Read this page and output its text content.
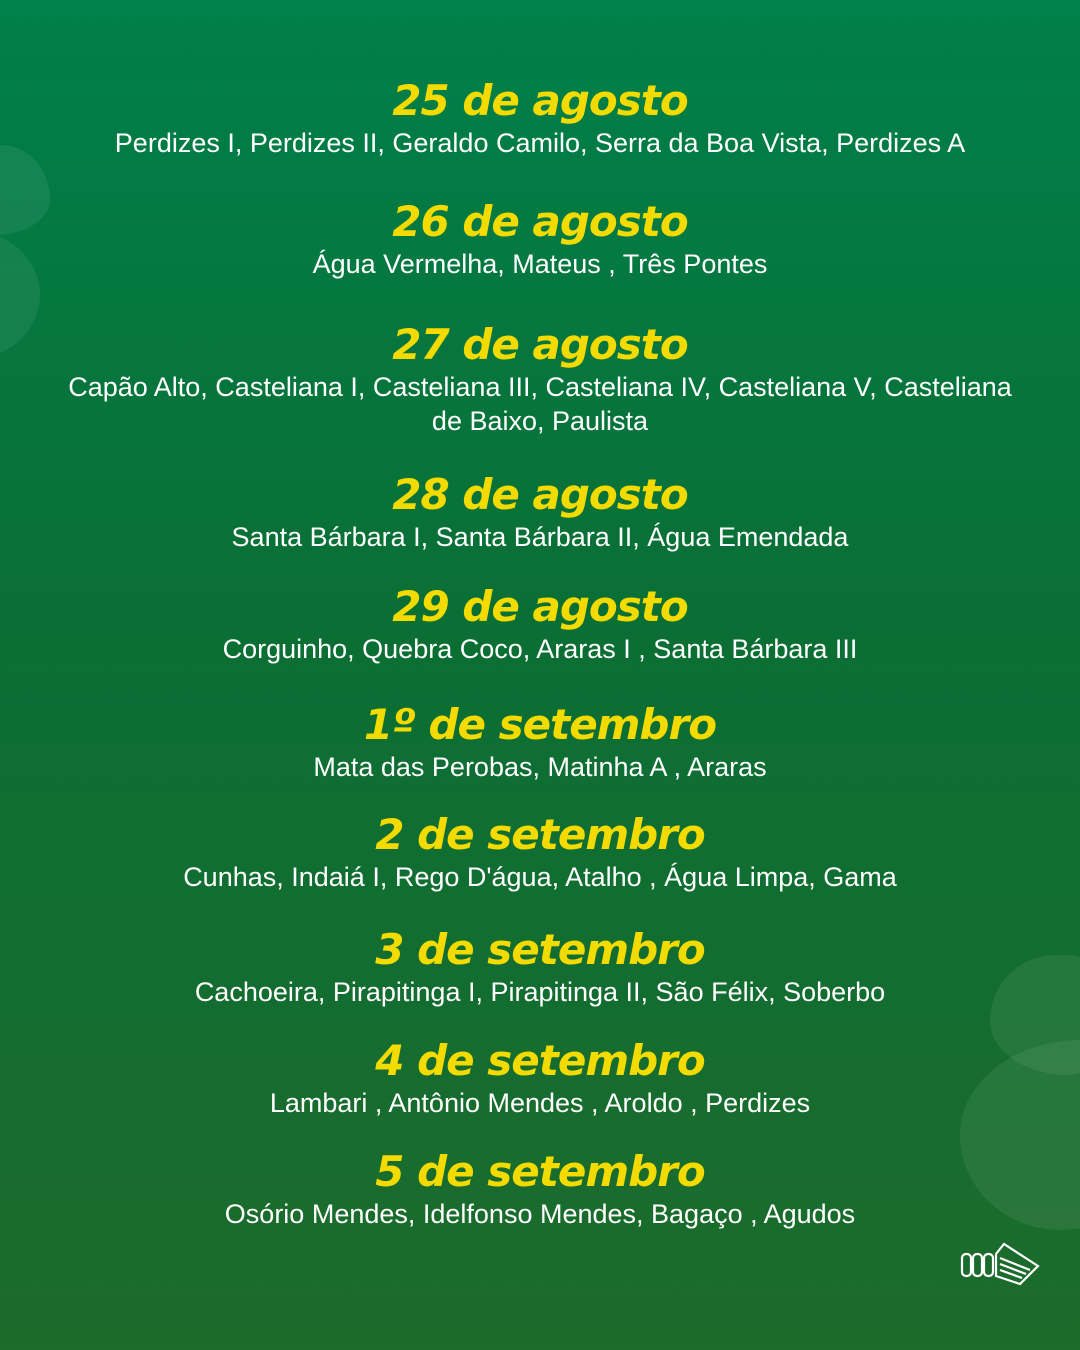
25 de agosto
Perdizes I, Perdizes II, Geraldo Camilo, Serra da Boa Vista, Perdizes A
26 de agosto
Água Vermelha, Mateus , Três Pontes
27 de agosto
Capão Alto, Casteliana I, Casteliana III, Casteliana IV, Casteliana V, Casteliana de Baixo, Paulista
28 de agosto
Santa Bárbara I, Santa Bárbara II, Água Emendada
29 de agosto
Corguinho, Quebra Coco, Araras I , Santa Bárbara III
1º de setembro
Mata das Perobas, Matinha A , Araras
2 de setembro
Cunhas, Indaiá I, Rego D'água, Atalho , Água Limpa, Gama
3 de setembro
Cachoeira, Pirapitinga I, Pirapitinga II, São Félix, Soberbo
4 de setembro
Lambari , Antônio Mendes , Aroldo , Perdizes
5 de setembro
Osório Mendes, Idelfonso Mendes, Bagaço , Agudos
